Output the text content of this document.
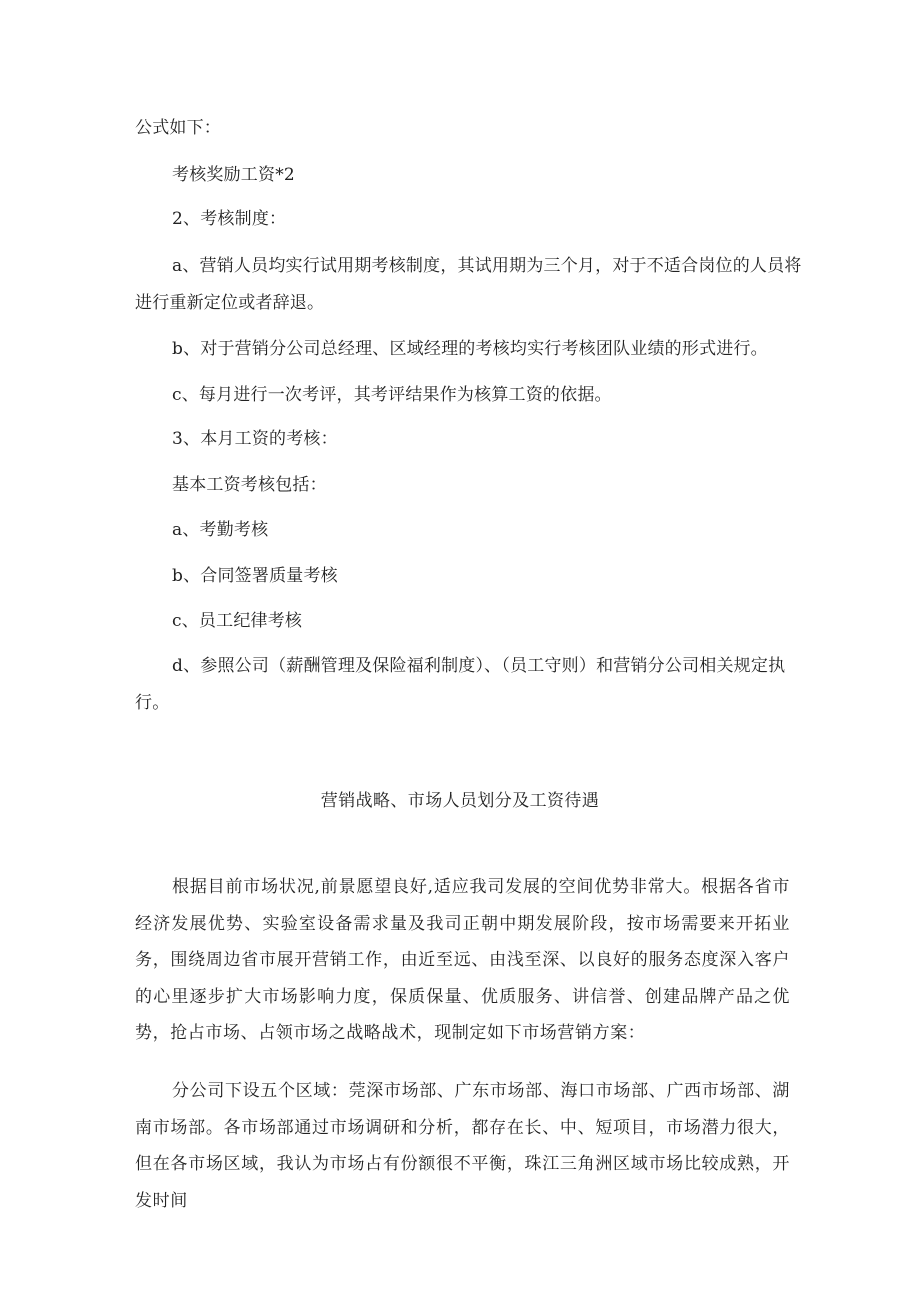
公式如下：
考核奖励工资*2
2、考核制度：
a、营销人员均实行试用期考核制度，其试用期为三个月，对于不适合岗位的人员将
进行重新定位或者辞退。
b、对于营销分公司总经理、区域经理的考核均实行考核团队业绩的形式进行。
c、每月进行一次考评，其考评结果作为核算工资的依据。
3、本月工资的考核：
基本工资考核包括：
a、考勤考核
b、合同签署质量考核
c、员工纪律考核
d、参照公司（薪酬管理及保险福利制度）、（员工守则）和营销分公司相关规定执
行。
营销战略、市场人员划分及工资待遇
根据目前市场状况,前景愿望良好,适应我司发展的空间优势非常大。根据各省市经济发展优势、实验室设备需求量及我司正朝中期发展阶段，按市场需要来开拓业务，围绕周边省市展开营销工作，由近至远、由浅至深、以良好的服务态度深入客户的心里逐步扩大市场影响力度，保质保量、优质服务、讲信誉、创建品牌产品之优势，抢占市场、占领市场之战略战术，现制定如下市场营销方案：
分公司下设五个区域：莞深市场部、广东市场部、海口市场部、广西市场部、湖南市场部。各市场部通过市场调研和分析，都存在长、中、短项目，市场潜力很大，但在各市场区域，我认为市场占有份额很不平衡，珠江三角洲区域市场比较成熟，开发时间
